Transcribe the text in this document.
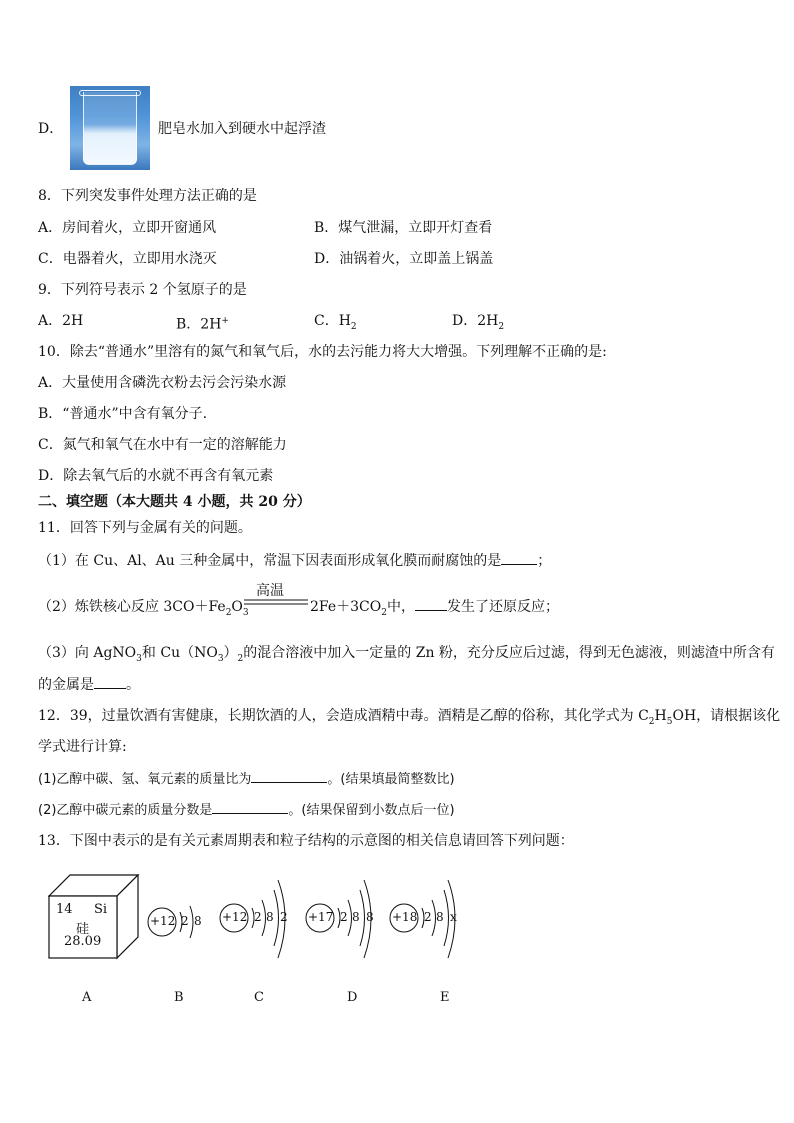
D．	肥皂水加入到硬水中起浮渣
8．下列突发事件处理方法正确的是
A．房间着火，立即开窗通风	B．煤气泄漏，立即开灯查看
C．电器着火，立即用水浇灭	D．油锅着火，立即盖上锅盖
9．下列符号表示 2 个氢原子的是
A．2H	B．2H+	C．$H_2$	D．$2H_2$
10．除去“普通水”里溶有的氮气和氧气后，水的去污能力将大大增强。下列理解不正确的是:
A．大量使用含磷洗衣粉去污会污染水源
B．“普通水”中含有氧分子.
C．氮气和氧气在水中有一定的溶解能力
D．除去氧气后的水就不再含有氧元素
二、填空题（本大题共 4 小题，共 20 分）
11．回答下列与金属有关的问题。
（1）在 Cu、Al、Au 三种金属中，常温下因表面形成氧化膜而耐腐蚀的是	；
（2）炼铁核心反应 $3CO+Fe_2O_3$
高温
$2Fe+3CO_2$中， 发生了还原反应；
（3）向 AgNO$_3$和 $Cu(NO_3)_2$的混合溶液中加入一定量的 Zn 粉，充分反应后过滤，得到无色滤液，则滤渣中所含有
的金属是 。
12．39，过量饮酒有害健康，长期饮酒的人，会造成酒精中毒。酒精是乙醇的俗称，其化学式为 $C_2H_5OH$，请根据该化
学式进行计算:
(1)乙醇中碳、氢、氧元素的质量比为	。(结果填最简整数比)
(2)乙醇中碳元素的质量分数是	。(结果保留到小数点后一位)
13．下图中表示的是有关元素周期表和粒子结构的示意图的相关信息请回答下列问题：
14 Si
硅
28.09
+12 2 8 +12 2 8 2 +17 2 8 8 +18 2 8 x
A	B	C	D	E
